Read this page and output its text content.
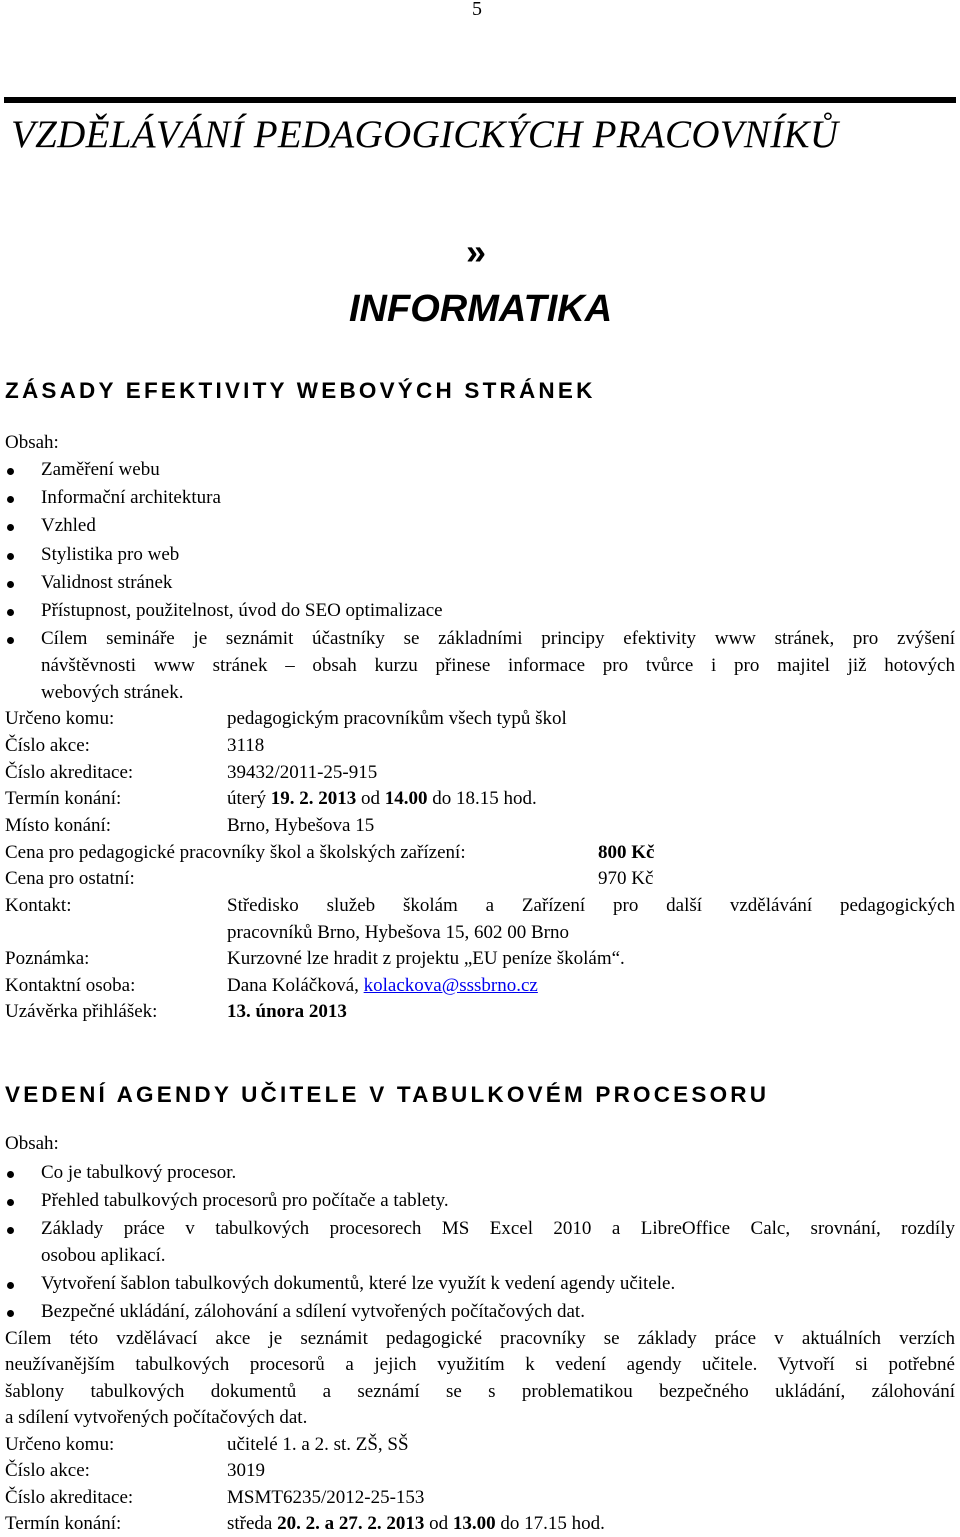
5
VZDĚLÁVÁNÍ PEDAGOGICKÝCH PRACOVNÍKŮ
»
INFORMATIKA
ZÁSADY EFEKTIVITY WEBOVÝCH STRÁNEK
Obsah:
Zaměření webu
Informační architektura
Vzhled
Stylistika pro web
Validnost stránek
Přístupnost, použitelnost, úvod do SEO optimalizace
Cílem semináře je seznámit účastníky se základními principy efektivity www stránek, pro zvýšení
návštěvnosti www stránek – obsah kurzu přinese informace pro tvůrce i pro majitel již hotových
webových stránek.
Určeno komu:	pedagogickým pracovníkům všech typů škol
Číslo akce:	3118
Číslo akreditace:	39432/2011-25-915
Termín konání:	úterý 19. 2. 2013 od 14.00 do 18.15 hod.
Místo konání:	Brno, Hybešova 15
Cena pro pedagogické pracovníky škol a školských zařízení:	800 Kč
Cena pro ostatní:	970 Kč
Kontakt:	Středisko služeb školám a Zařízení pro další vzdělávání pedagogických
pracovníků Brno, Hybešova 15, 602 00 Brno
Poznámka:	Kurzovné lze hradit z projektu „EU peníze školám“.
Kontaktní osoba:	Dana Koláčková, kolackova@sssbrno.cz
Uzávěrka přihlášek:	13. února 2013
VEDENÍ AGENDY UČITELE V TABULKOVÉM PROCESORU
Obsah:
Co je tabulkový procesor.
Přehled tabulkových procesorů pro počítače a tablety.
Základy práce v tabulkových procesorech MS Excel 2010 a LibreOffice Calc, srovnání, rozdíly
osobou aplikací.
Vytvoření šablon tabulkových dokumentů, které lze využít k vedení agendy učitele.
Bezpečné ukládání, zálohování a sdílení vytvořených počítačových dat.
Cílem této vzdělávací akce je seznámit pedagogické pracovníky se základy práce v aktuálních verzích
neužívanějším tabulkových procesorů a jejich využitím k vedení agendy učitele. Vytvoří si potřebné
šablony tabulkových dokumentů a seznámí se s problematikou bezpečného ukládání, zálohování
a sdílení vytvořených počítačových dat.
Určeno komu:	učitelé 1. a 2. st. ZŠ, SŠ
Číslo akce:	3019
Číslo akreditace:	MSMT6235/2012-25-153
Termín konání:	středa 20. 2. a 27. 2. 2013 od 13.00 do 17.15 hod.
